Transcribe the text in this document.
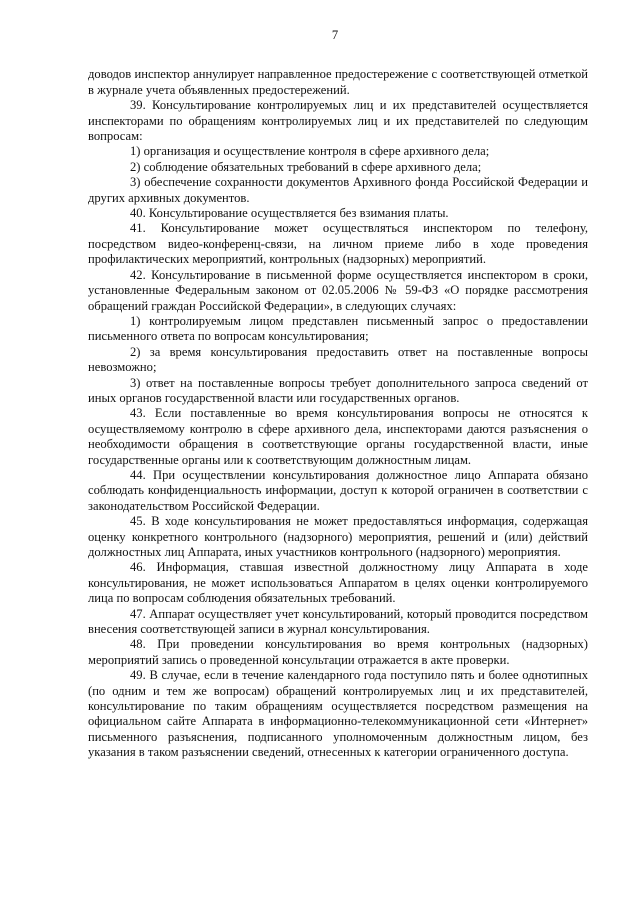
7

доводов инспектор аннулирует направленное предостережение с соответствующей отметкой в журнале учета объявленных предостережений.

39. Консультирование контролируемых лиц и их представителей осуществляется инспекторами по обращениям контролируемых лиц и их представителей по следующим вопросам:

1) организация и осуществление контроля в сфере архивного дела;

2) соблюдение обязательных требований в сфере архивного дела;

3) обеспечение сохранности документов Архивного фонда Российской Федерации и других архивных документов.

40. Консультирование осуществляется без взимания платы.

41. Консультирование может осуществляться инспектором по телефону, посредством видео-конференц-связи, на личном приеме либо в ходе проведения профилактических мероприятий, контрольных (надзорных) мероприятий.

42. Консультирование в письменной форме осуществляется инспектором в сроки, установленные Федеральным законом от 02.05.2006 № 59-ФЗ «О порядке рассмотрения обращений граждан Российской Федерации», в следующих случаях:

1) контролируемым лицом представлен письменный запрос о предоставлении письменного ответа по вопросам консультирования;

2) за время консультирования предоставить ответ на поставленные вопросы невозможно;

3) ответ на поставленные вопросы требует дополнительного запроса сведений от иных органов государственной власти или государственных органов.

43. Если поставленные во время консультирования вопросы не относятся к осуществляемому контролю в сфере архивного дела, инспекторами даются разъяснения о необходимости обращения в соответствующие органы государственной власти, иные государственные органы или к соответствующим должностным лицам.

44. При осуществлении консультирования должностное лицо Аппарата обязано соблюдать конфиденциальность информации, доступ к которой ограничен в соответствии с законодательством Российской Федерации.

45. В ходе консультирования не может предоставляться информация, содержащая оценку конкретного контрольного (надзорного) мероприятия, решений и (или) действий должностных лиц Аппарата, иных участников контрольного (надзорного) мероприятия.

46. Информация, ставшая известной должностному лицу Аппарата в ходе консультирования, не может использоваться Аппаратом в целях оценки контролируемого лица по вопросам соблюдения обязательных требований.

47. Аппарат осуществляет учет консультирований, который проводится посредством внесения соответствующей записи в журнал консультирования.

48. При проведении консультирования во время контрольных (надзорных) мероприятий запись о проведенной консультации отражается в акте проверки.

49. В случае, если в течение календарного года поступило пять и более однотипных (по одним и тем же вопросам) обращений контролируемых лиц и их представителей, консультирование по таким обращениям осуществляется посредством размещения на официальном сайте Аппарата в информационно-телекоммуникационной сети «Интернет» письменного разъяснения, подписанного уполномоченным должностным лицом, без указания в таком разъяснении сведений, отнесенных к категории ограниченного доступа.
